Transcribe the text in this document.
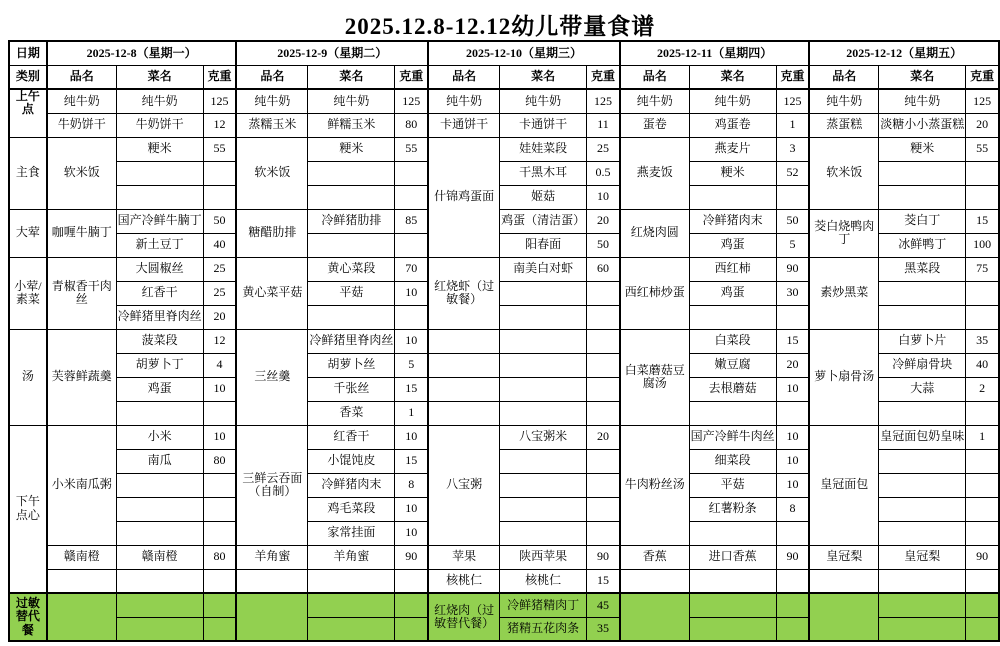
2025.12.8-12.12幼儿带量食谱
日期	2025-12-8（星期一）			2025-12-9（星期二）			2025-12-10（星期三）			2025-12-11（星期四）			2025-12-12（星期五）		
类别	品名	菜名	克重	品名	菜名	克重	品名	菜名	克重	品名	菜名	克重	品名	菜名	克重
上午点	纯牛奶	纯牛奶	125	纯牛奶	纯牛奶	125	纯牛奶	纯牛奶	125	纯牛奶	纯牛奶	125	纯牛奶	纯牛奶	125
	牛奶饼干	牛奶饼干	12	蒸糯玉米	鲜糯玉米	80	卡通饼干	卡通饼干	11	蛋卷	鸡蛋卷	1	蒸蛋糕	淡糖小小蒸蛋糕	20
主食	软米饭	粳米	55	软米饭	粳米	55	什锦鸡蛋面	娃娃菜段	25	燕麦饭	燕麦片	3	软米饭	粳米	55
								干黑木耳	0.5		粳米	52			
								姬菇	10						
大荤	咖喱牛腩丁	国产冷鲜牛腩丁	50	糖醋肋排	冷鲜猪肋排	85		鸡蛋（清洁蛋）	20	红烧肉圆	冷鲜猪肉末	50	茭白烧鸭肉丁	茭白丁	15
		新土豆丁	40					阳春面	50		鸡蛋	5		冰鲜鸭丁	100
小荤/素菜	青椒香干肉丝	大圆椒丝	25	黄心菜平菇	黄心菜段	70	红烧虾（过敏餐）	南美白对虾	60	西红柿炒蛋	西红柿	90	素炒黑菜	黑菜段	75
		红香干	25		平菇	10					鸡蛋	30			
		冷鲜猪里脊肉丝	20												
汤	芙蓉鲜蔬羹	菠菜段	12	三丝羹	冷鲜猪里脊肉丝	10				白菜蘑菇豆腐汤	白菜段	15	萝卜扇骨汤	白萝卜片	35
		胡萝卜丁	4		胡萝卜丝	5					嫩豆腐	20		冷鲜扇骨块	40
		鸡蛋	10		千张丝	15					去根蘑菇	10		大蒜	2
					香菜	1									
下午点心	小米南瓜粥	小米	10	三鲜云吞面（自制）	红香干	10	八宝粥	八宝粥米	20	牛肉粉丝汤	国产冷鲜牛肉丝	10	皇冠面包	皇冠面包奶皇味	1
		南瓜	80		小馄饨皮	15					细菜段	10			
					冷鲜猪肉末	8					平菇	10			
					鸡毛菜段	10					红薯粉条	8			
					家常挂面	10									
	赣南橙	赣南橙	80	羊角蜜	羊角蜜	90	苹果	陕西苹果	90	香蕉	进口香蕉	90	皇冠梨	皇冠梨	90
							核桃仁	核桃仁	15						
过敏替代餐							红烧肉（过敏替代餐）	冷鲜猪精肉丁	45						
								猪精五花肉条	35						
